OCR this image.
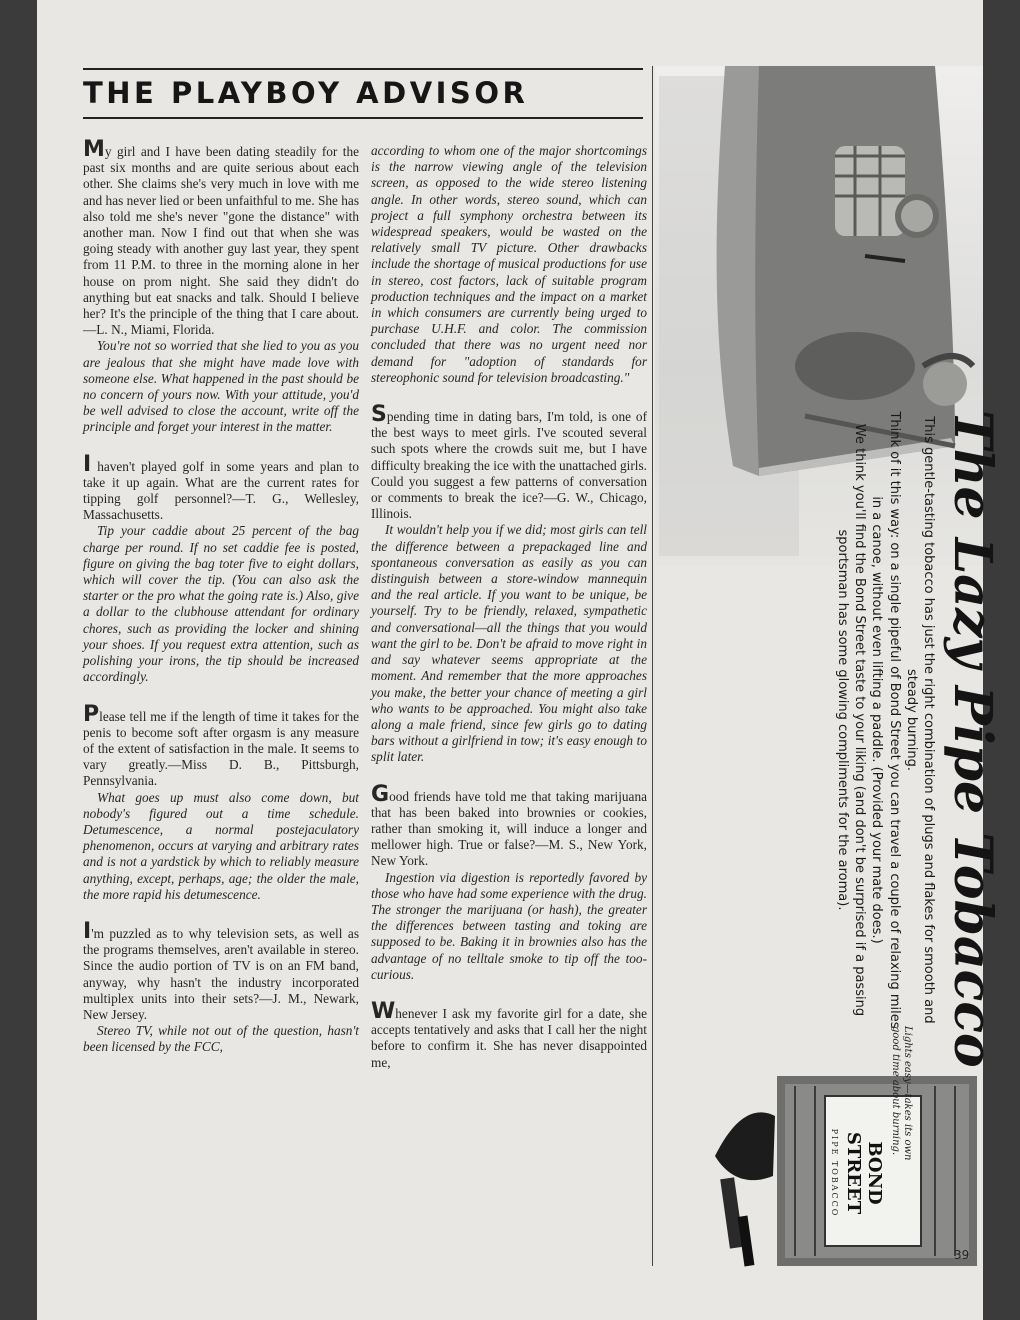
THE PLAYBOY ADVISOR

My girl and I have been dating steadily for the past six months and are quite serious about each other. She claims she's very much in love with me and has never lied or been unfaithful to me. She has also told me she's never "gone the distance" with another man. Now I find out that when she was going steady with another guy last year, they spent from 11 P.M. to three in the morning alone in her house on prom night. She said they didn't do anything but eat snacks and talk. Should I believe her? It's the principle of the thing that I care about.—L. N., Miami, Florida.

You're not so worried that she lied to you as you are jealous that she might have made love with someone else. What happened in the past should be no concern of yours now. With your attitude, you'd be well advised to close the account, write off the principle and forget your interest in the matter.

I haven't played golf in some years and plan to take it up again. What are the current rates for tipping golf personnel?—T. G., Wellesley, Massachusetts.

Tip your caddie about 25 percent of the bag charge per round. If no set caddie fee is posted, figure on giving the bag toter five to eight dollars, which will cover the tip. (You can also ask the starter or the pro what the going rate is.) Also, give a dollar to the clubhouse attendant for ordinary chores, such as providing the locker and shining your shoes. If you request extra attention, such as polishing your irons, the tip should be increased accordingly.

Please tell me if the length of time it takes for the penis to become soft after orgasm is any measure of the extent of satisfaction in the male. It seems to vary greatly.—Miss D. B., Pittsburgh, Pennsylvania.

What goes up must also come down, but nobody's figured out a time schedule. Detumescence, a normal postejaculatory phenomenon, occurs at varying and arbitrary rates and is not a yardstick by which to reliably measure anything, except, perhaps, age; the older the male, the more rapid his detumescence.

I'm puzzled as to why television sets, as well as the programs themselves, aren't available in stereo. Since the audio portion of TV is on an FM band, anyway, why hasn't the industry incorporated multiplex units into their sets?—J. M., Newark, New Jersey.

Stereo TV, while not out of the question, hasn't been licensed by the FCC,

according to whom one of the major shortcomings is the narrow viewing angle of the television screen, as opposed to the wide stereo listening angle. In other words, stereo sound, which can project a full symphony orchestra between its widespread speakers, would be wasted on the relatively small TV picture. Other drawbacks include the shortage of musical productions for use in stereo, cost factors, lack of suitable program production techniques and the impact on a market in which consumers are currently being urged to purchase U.H.F. and color. The commission concluded that there was no urgent need nor demand for "adoption of standards for stereophonic sound for television broadcasting."

Spending time in dating bars, I'm told, is one of the best ways to meet girls. I've scouted several such spots where the crowds suit me, but I have difficulty breaking the ice with the unattached girls. Could you suggest a few patterns of conversation or comments to break the ice?—G. W., Chicago, Illinois.

It wouldn't help you if we did; most girls can tell the difference between a prepackaged line and spontaneous conversation as easily as you can distinguish between a store-window mannequin and the real article. If you want to be unique, be yourself. Try to be friendly, relaxed, sympathetic and conversational—all the things that you would want the girl to be. Don't be afraid to move right in and say whatever seems appropriate at the moment. And remember that the more approaches you make, the better your chance of meeting a girl who wants to be approached. You might also take along a male friend, since few girls go to dating bars without a girlfriend in tow; it's easy enough to split later.

Good friends have told me that taking marijuana that has been baked into brownies or cookies, rather than smoking it, will induce a longer and mellower high. True or false?—M. S., New York, New York.

Ingestion via digestion is reportedly favored by those who have had some experience with the drug. The stronger the marijuana (or hash), the greater the differences between tasting and toking are supposed to be. Baking it in brownies also has the advantage of no telltale smoke to tip off the too-curious.

Whenever I ask my favorite girl for a date, she accepts tentatively and asks that I call her the night before to confirm it. She has never disappointed me,

BOND
STREET
PIPE TOBACCO
The Lazy Pipe Tobacco

This gentle-tasting tobacco has just the right combination of plugs and flakes for smooth and steady burning.

Think of it this way: on a single pipeful of Bond Street you can travel a couple of relaxing miles in a canoe, without even lifting a paddle. (Provided your mate does.)

We think you'll find the Bond Street taste to your liking (and don't be surprised if a passing sportsman has some glowing compliments for the aroma).

Lights easy—takes its own good time about burning.
39
